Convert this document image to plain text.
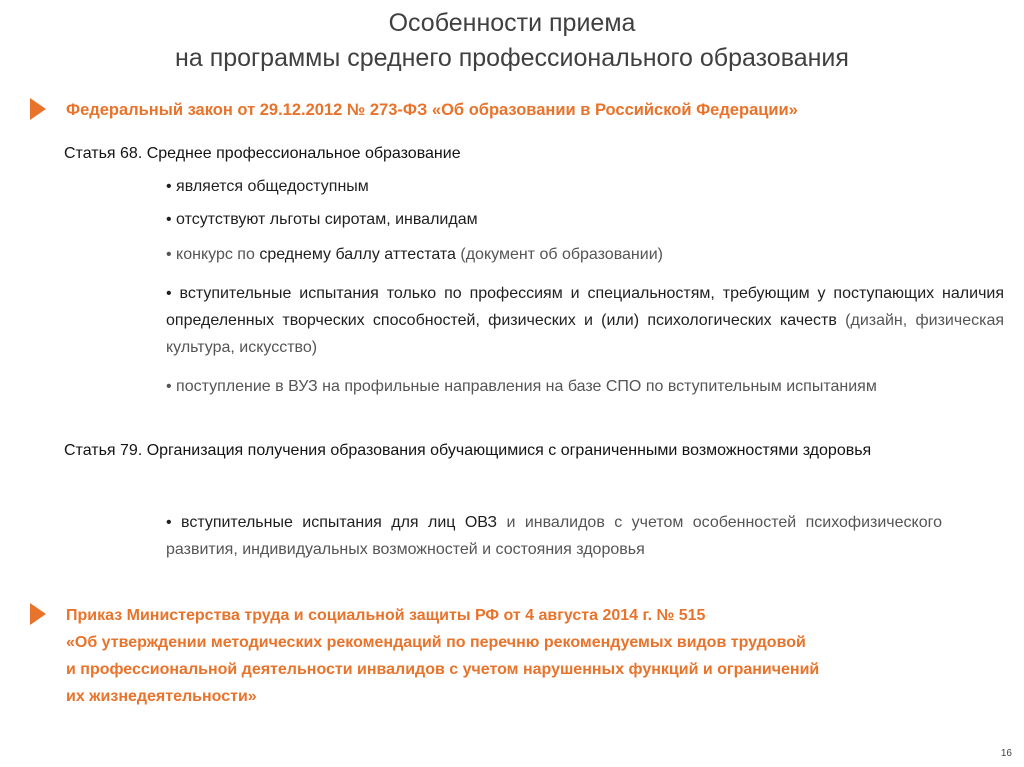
Особенности приема
на программы среднего профессионального образования
Федеральный закон от 29.12.2012 № 273-ФЗ «Об образовании в Российской Федерации»
Статья 68. Среднее профессиональное образование
• является общедоступным
• отсутствуют льготы сиротам, инвалидам
• конкурс по среднему баллу аттестата (документ об образовании)
• вступительные испытания только по профессиям и специальностям, требующим у поступающих наличия определенных творческих способностей, физических и (или) психологических качеств (дизайн, физическая культура, искусство)
• поступление в ВУЗ на профильные направления на базе СПО по вступительным испытаниям
Статья 79. Организация получения образования обучающимися с ограниченными возможностями здоровья
• вступительные испытания для лиц ОВЗ и инвалидов с учетом особенностей психофизического развития, индивидуальных возможностей и состояния здоровья
Приказ Министерства труда и социальной защиты РФ от 4 августа 2014 г. № 515
«Об утверждении методических рекомендаций по перечню рекомендуемых видов трудовой
и профессиональной деятельности инвалидов с учетом нарушенных функций и ограничений
их жизнедеятельности»
16
